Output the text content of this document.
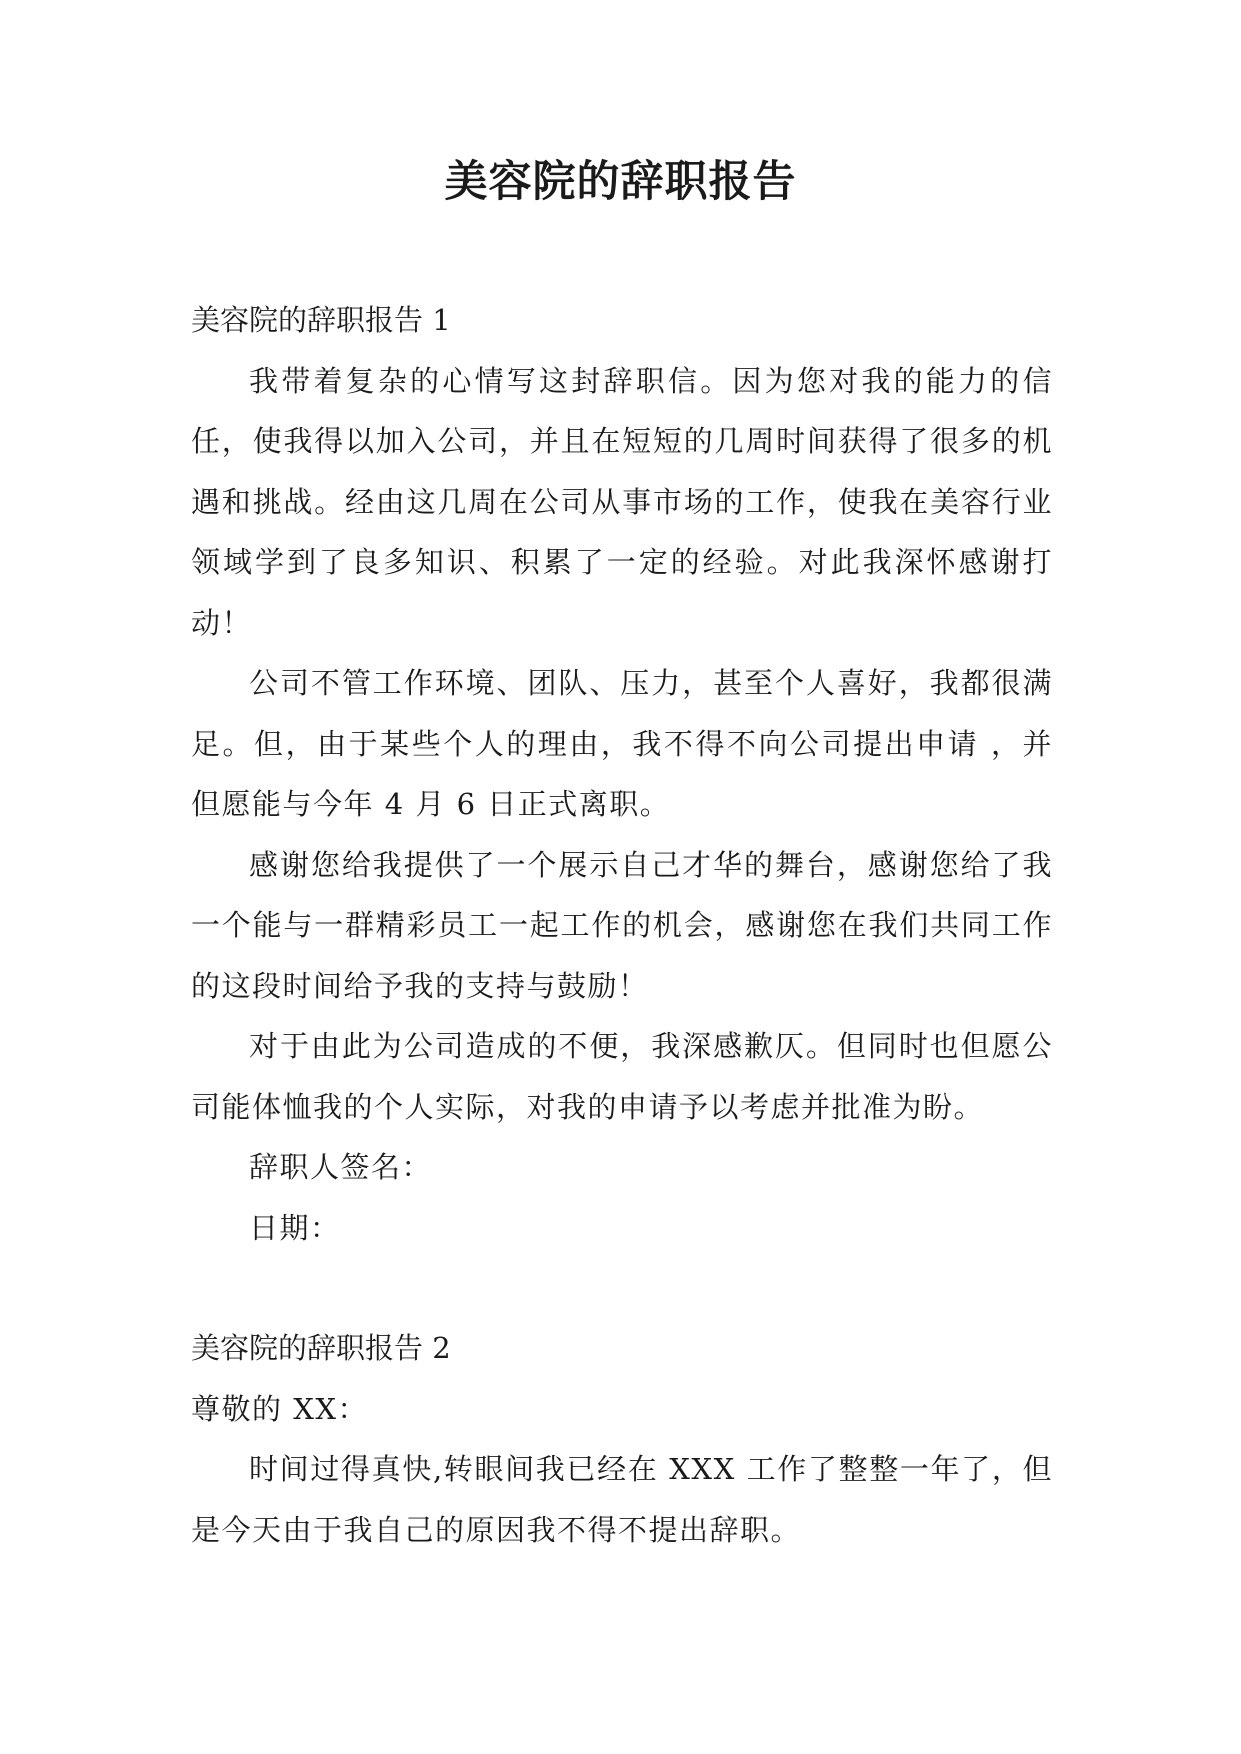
美容院的辞职报告

美容院的辞职报告 1

我带着复杂的心情写这封辞职信。因为您对我的能力的信任，使我得以加入公司，并且在短短的几周时间获得了很多的机遇和挑战。经由这几周在公司从事市场的工作，使我在美容行业领域学到了良多知识、积累了一定的经验。对此我深怀感谢打动！

公司不管工作环境、团队、压力，甚至个人喜好，我都很满足。但，由于某些个人的理由，我不得不向公司提出申请 ，并但愿能与今年 4 月 6 日正式离职。

感谢您给我提供了一个展示自己才华的舞台，感谢您给了我一个能与一群精彩员工一起工作的机会，感谢您在我们共同工作的这段时间给予我的支持与鼓励！

对于由此为公司造成的不便，我深感歉仄。但同时也但愿公司能体恤我的个人实际，对我的申请予以考虑并批准为盼。

辞职人签名：

日期：

美容院的辞职报告 2

尊敬的 XX：

时间过得真快,转眼间我已经在 XXX 工作了整整一年了，但是今天由于我自己的原因我不得不提出辞职。
